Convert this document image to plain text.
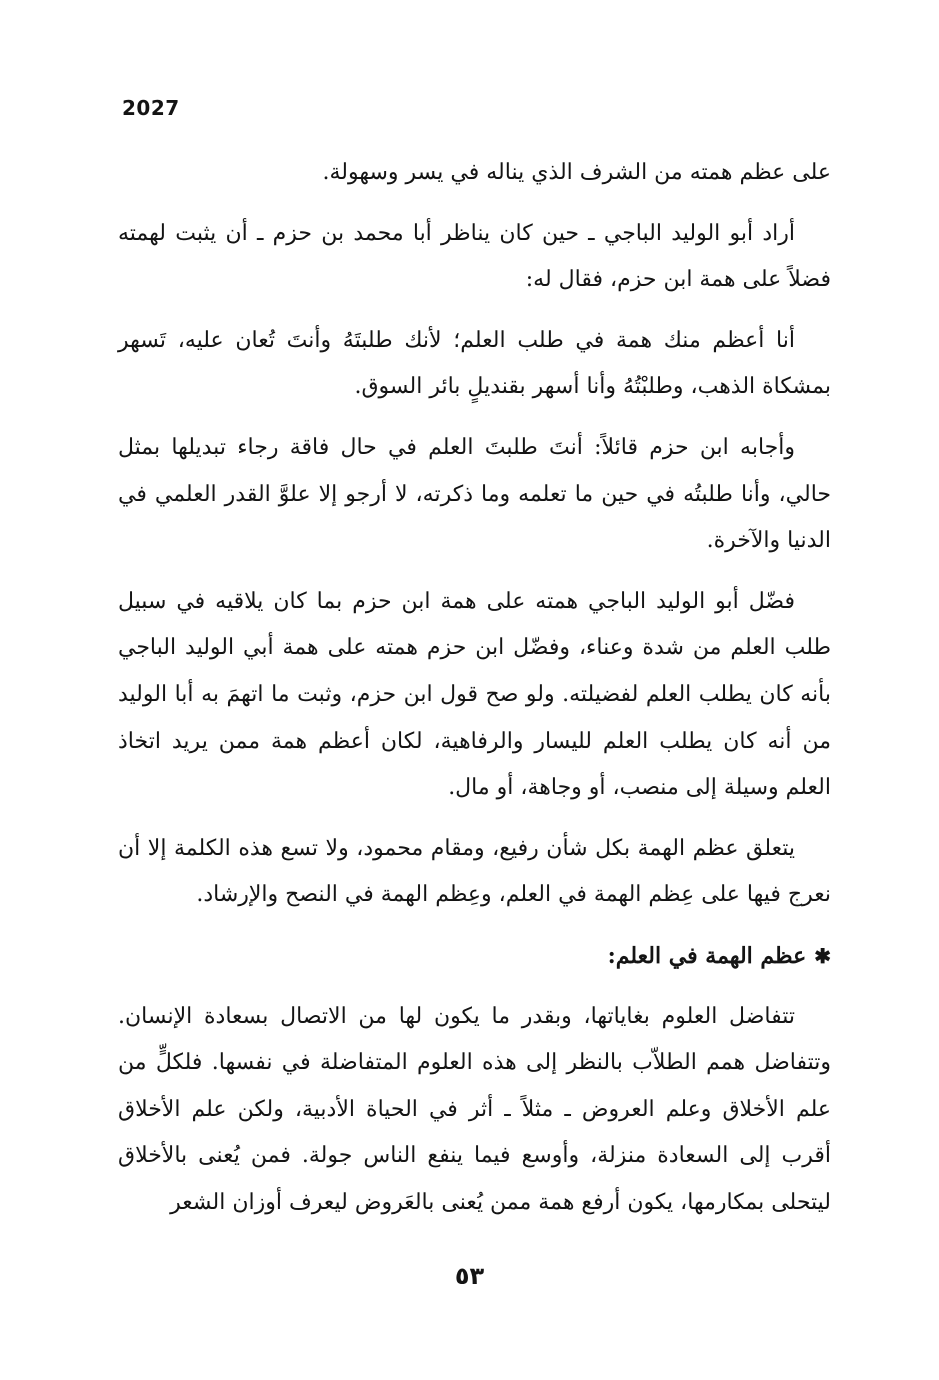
2027

على عظم همته من الشرف الذي يناله في يسر وسهولة.

أراد أبو الوليد الباجي ـ حين كان يناظر أبا محمد بن حزم ـ أن يثبت لهمته فضلاً على همة ابن حزم، فقال له:

أنا أعظم منك همة في طلب العلم؛ لأنك طلبتَهُ وأنتَ تُعان عليه، تَسهر بمشكاة الذهب، وطلبْتُهُ وأنا أسهر بقنديلٍ بائر السوق.

وأجابه ابن حزم قائلاً: أنتَ طلبتَ العلم في حال فاقة رجاء تبديلها بمثل حالي، وأنا طلبتُه في حين ما تعلمه وما ذكرته، لا أرجو إلا علوَّ القدر العلمي في الدنيا والآخرة.

فضّل أبو الوليد الباجي همته على همة ابن حزم بما كان يلاقيه في سبيل طلب العلم من شدة وعناء، وفضّل ابن حزم همته على همة أبي الوليد الباجي بأنه كان يطلب العلم لفضيلته. ولو صح قول ابن حزم، وثبت ما اتهمَ به أبا الوليد من أنه كان يطلب العلم لليسار والرفاهية، لكان أعظم همة ممن يريد اتخاذ العلم وسيلة إلى منصب، أو وجاهة، أو مال.

يتعلق عظم الهمة بكل شأن رفيع، ومقام محمود، ولا تسع هذه الكلمة إلا أن نعرج فيها على عِظم الهمة في العلم، وعِظم الهمة في النصح والإرشاد.

✱عظم الهمة في العلم:

تتفاضل العلوم بغاياتها، وبقدر ما يكون لها من الاتصال بسعادة الإنسان. وتتفاضل همم الطلاّب بالنظر إلى هذه العلوم المتفاضلة في نفسها. فلكلٍّ من علم الأخلاق وعلم العروض ـ مثلاً ـ أثر في الحياة الأدبية، ولكن علم الأخلاق أقرب إلى السعادة منزلة، وأوسع فيما ينفع الناس جولة. فمن يُعنى بالأخلاق ليتحلى بمكارمها، يكون أرفع همة ممن يُعنى بالعَروض ليعرف أوزان الشعر

٥٣
